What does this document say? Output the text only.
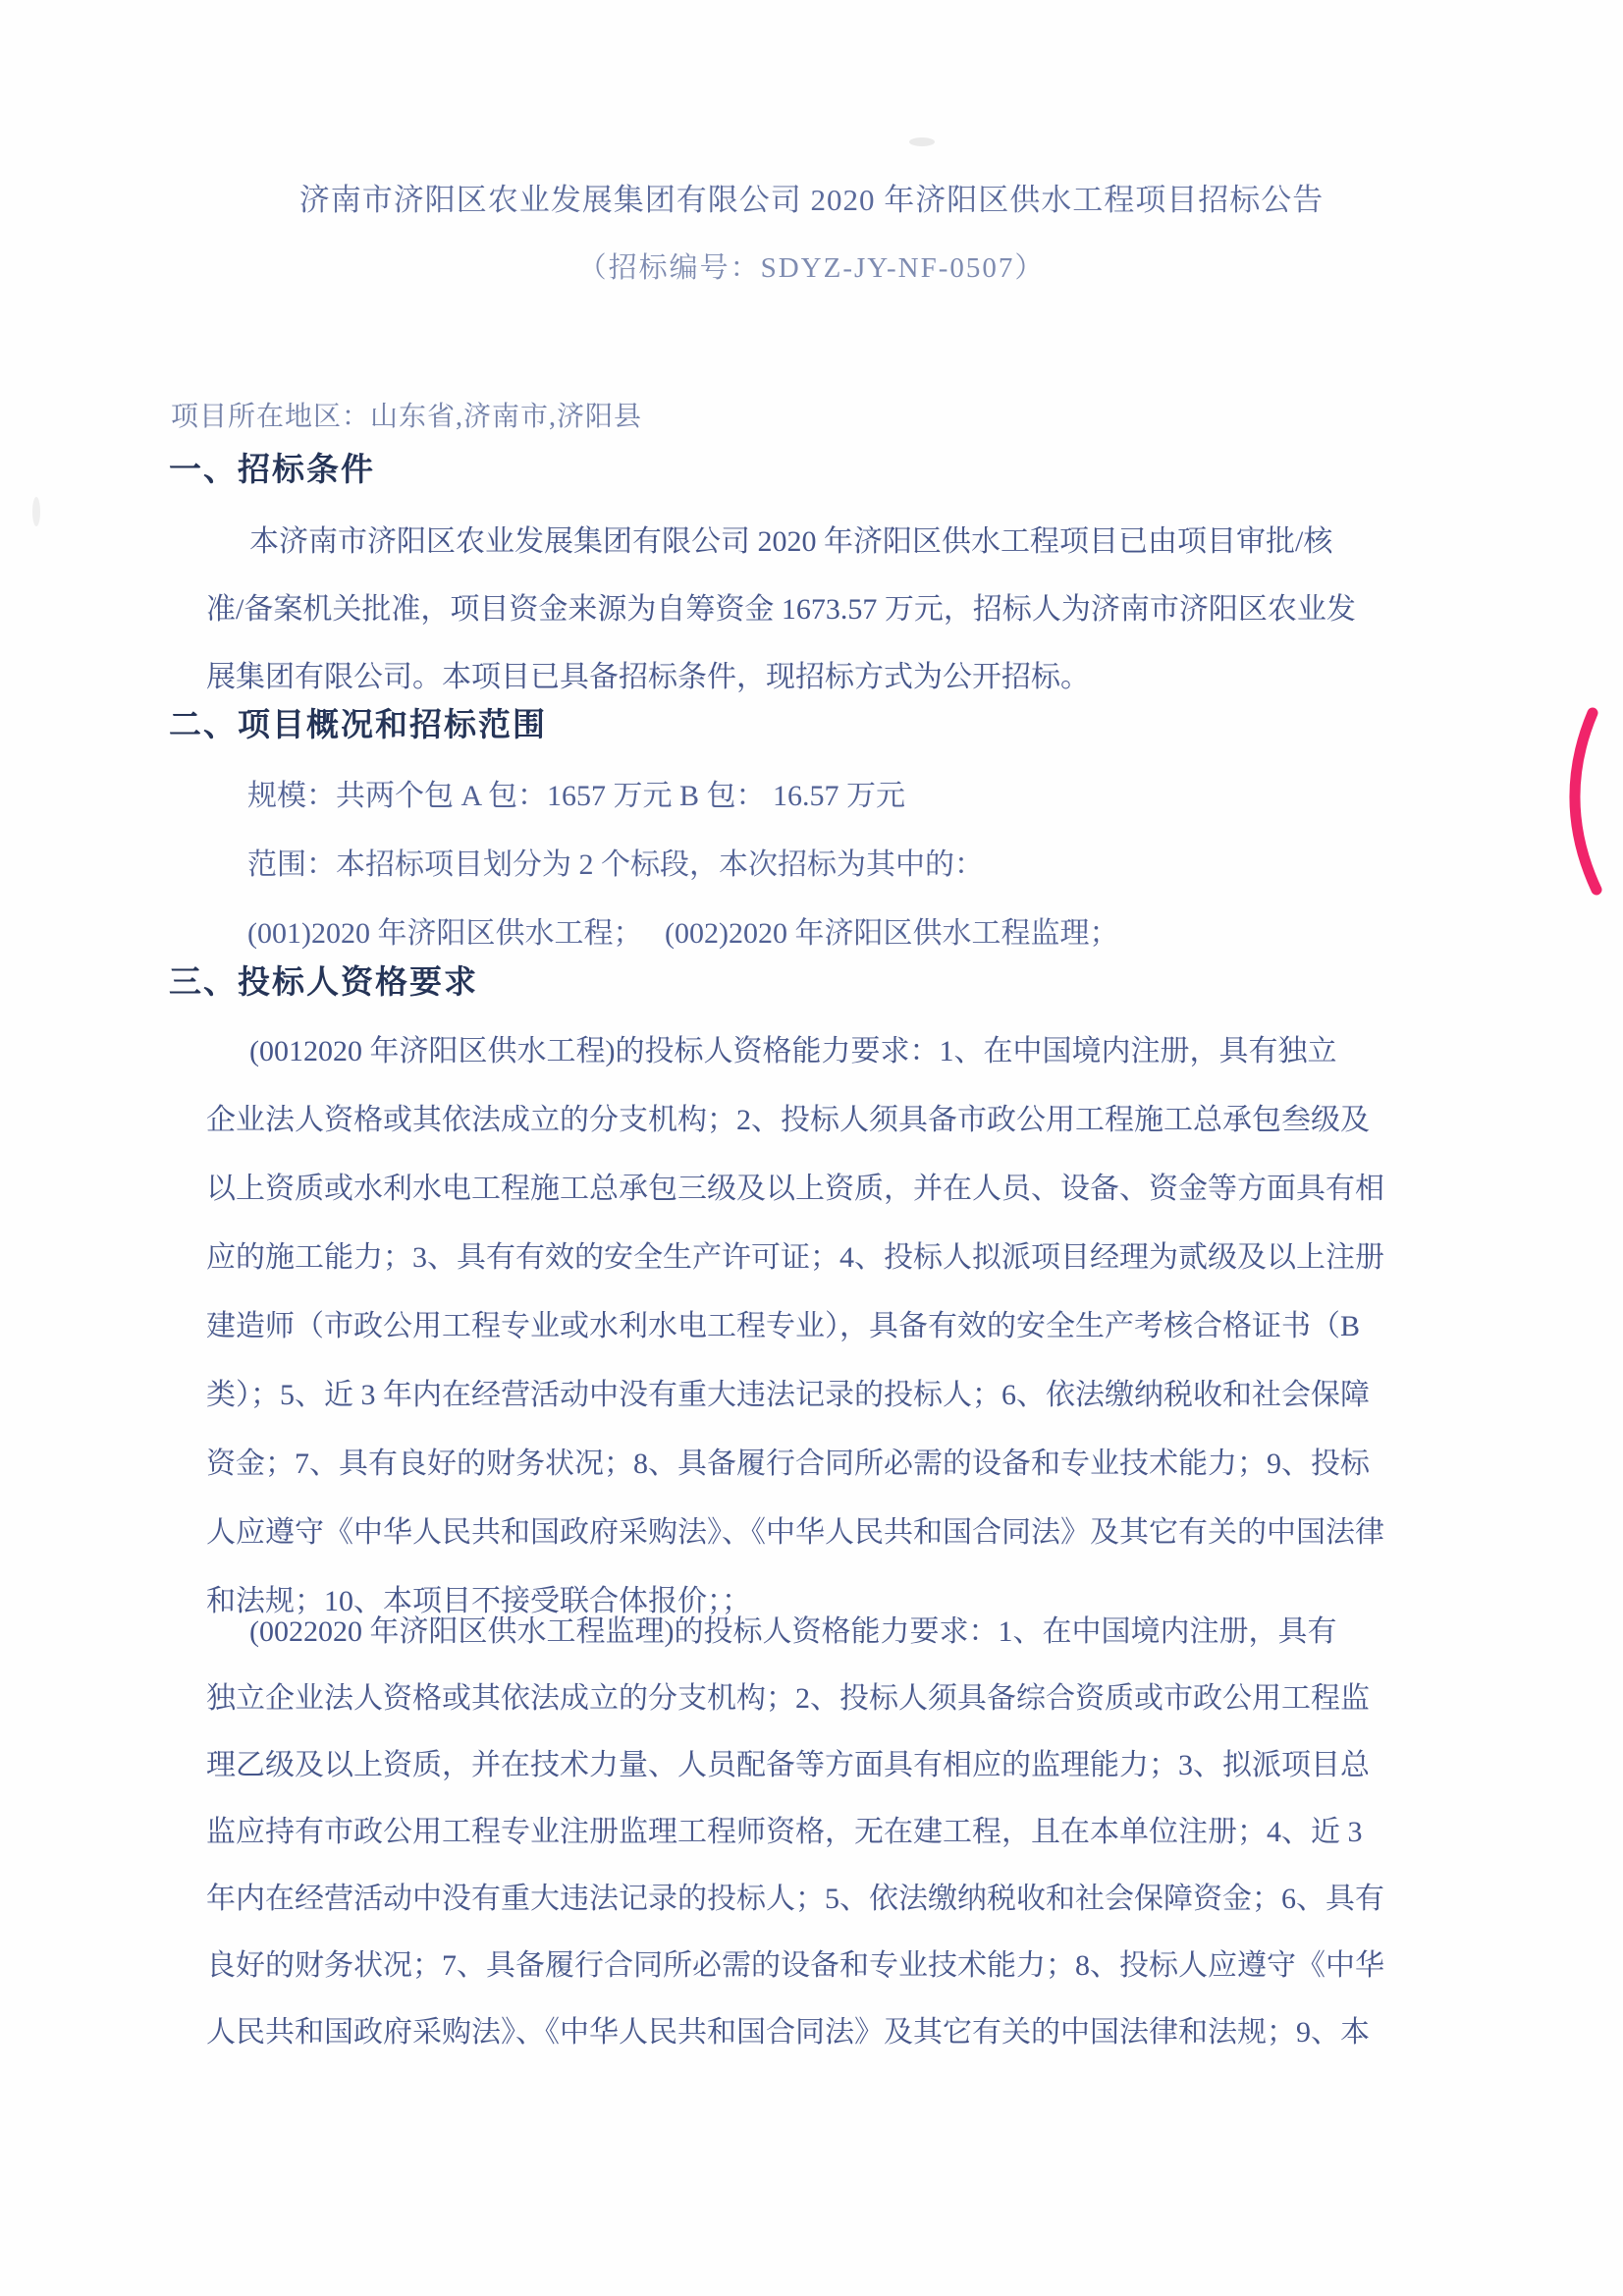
济南市济阳区农业发展集团有限公司 2020 年济阳区供水工程项目招标公告
（招标编号：SDYZ-JY-NF-0507）
项目所在地区：山东省,济南市,济阳县
一、招标条件
本济南市济阳区农业发展集团有限公司 2020 年济阳区供水工程项目已由项目审批/核
准/备案机关批准，项目资金来源为自筹资金 1673.57 万元，招标人为济南市济阳区农业发
展集团有限公司。本项目已具备招标条件，现招标方式为公开招标。
二、项目概况和招标范围
规模：共两个包 A 包：1657 万元 B 包： 16.57 万元
范围：本招标项目划分为 2 个标段，本次招标为其中的：
(001)2020 年济阳区供水工程；   (002)2020 年济阳区供水工程监理；
三、投标人资格要求
(0012020 年济阳区供水工程)的投标人资格能力要求：1、在中国境内注册，具有独立
企业法人资格或其依法成立的分支机构；2、投标人须具备市政公用工程施工总承包叁级及
以上资质或水利水电工程施工总承包三级及以上资质，并在人员、设备、资金等方面具有相
应的施工能力；3、具有有效的安全生产许可证；4、投标人拟派项目经理为贰级及以上注册
建造师（市政公用工程专业或水利水电工程专业），具备有效的安全生产考核合格证书（B
类）；5、近 3 年内在经营活动中没有重大违法记录的投标人；6、依法缴纳税收和社会保障
资金；7、具有良好的财务状况；8、具备履行合同所必需的设备和专业技术能力；9、投标
人应遵守《中华人民共和国政府采购法》、《中华人民共和国合同法》及其它有关的中国法律
和法规；10、本项目不接受联合体报价；；
(0022020 年济阳区供水工程监理)的投标人资格能力要求：1、在中国境内注册，具有
独立企业法人资格或其依法成立的分支机构；2、投标人须具备综合资质或市政公用工程监
理乙级及以上资质，并在技术力量、人员配备等方面具有相应的监理能力；3、拟派项目总
监应持有市政公用工程专业注册监理工程师资格，无在建工程，且在本单位注册；4、近 3
年内在经营活动中没有重大违法记录的投标人；5、依法缴纳税收和社会保障资金；6、具有
良好的财务状况；7、具备履行合同所必需的设备和专业技术能力；8、投标人应遵守《中华
人民共和国政府采购法》、《中华人民共和国合同法》及其它有关的中国法律和法规；9、本
